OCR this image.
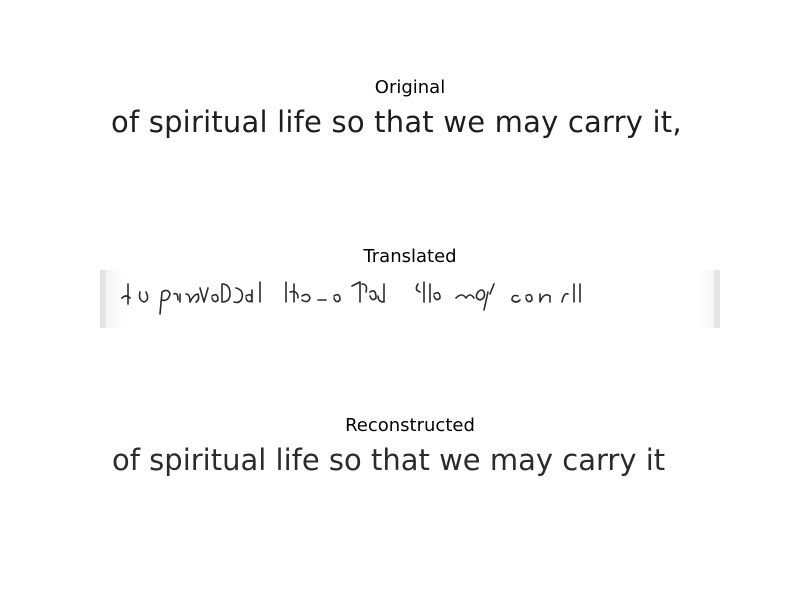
Original
of spiritual life so that we may carry it,
Translated
Reconstructed
of spiritual life so that we may carry it
